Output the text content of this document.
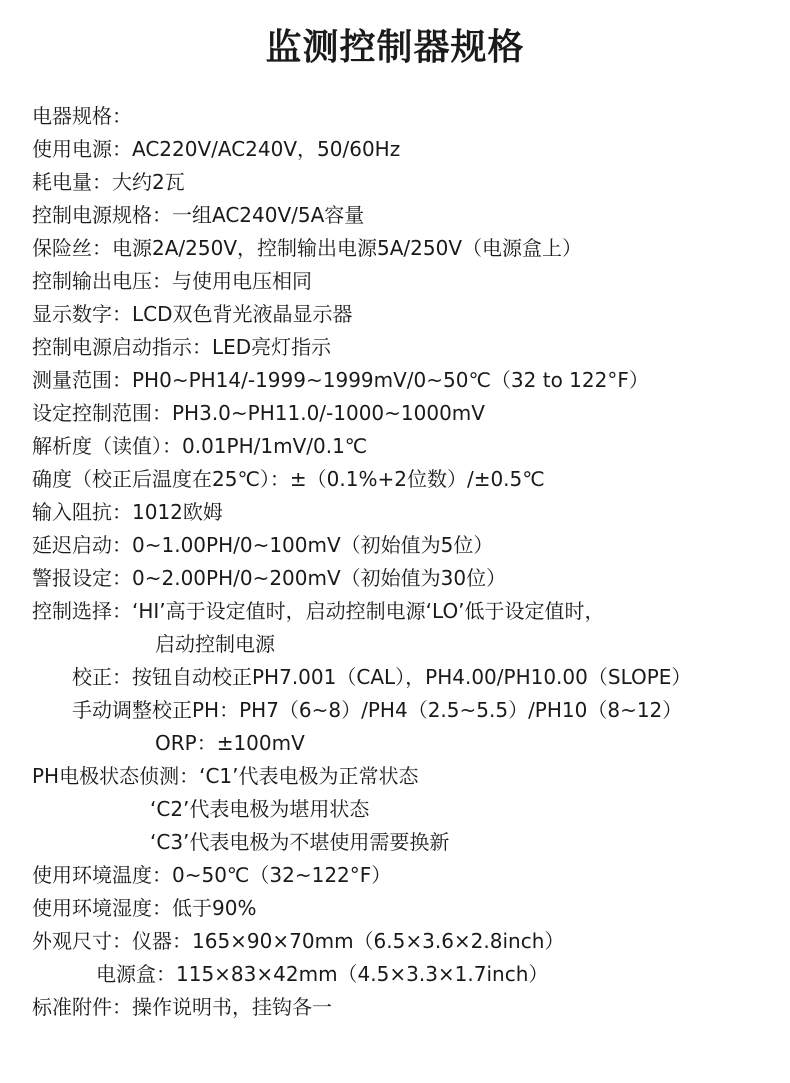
监测控制器规格
电器规格：
使用电源：AC220V/AC240V，50/60Hz
耗电量：大约2瓦
控制电源规格：一组AC240V/5A容量
保险丝：电源2A/250V，控制输出电源5A/250V（电源盒上）
控制输出电压：与使用电压相同
显示数字：LCD双色背光液晶显示器
控制电源启动指示：LED亮灯指示
测量范围：PH0~PH14/-1999~1999mV/0~50℃（32 to 122°F）
设定控制范围：PH3.0~PH11.0/-1000~1000mV
解析度（读值）：0.01PH/1mV/0.1℃
确度（校正后温度在25℃）：±（0.1%+2位数）/±0.5℃
输入阻抗：1012欧姆
延迟启动：0~1.00PH/0~100mV（初始值为5位）
警报设定：0~2.00PH/0~200mV（初始值为30位）
控制选择：‘HI’高于设定值时，启动控制电源‘LO’低于设定值时，
启动控制电源
校正：按钮自动校正PH7.001（CAL），PH4.00/PH10.00（SLOPE）
手动调整校正PH：PH7（6~8）/PH4（2.5~5.5）/PH10（8~12）
ORP：±100mV
PH电极状态侦测：‘C1’代表电极为正常状态
‘C2’代表电极为堪用状态
‘C3’代表电极为不堪使用需要换新
使用环境温度：0~50℃（32~122°F）
使用环境湿度：低于90%
外观尺寸：仪器：165×90×70mm（6.5×3.6×2.8inch）
电源盒：115×83×42mm（4.5×3.3×1.7inch）
标准附件：操作说明书，挂钩各一
